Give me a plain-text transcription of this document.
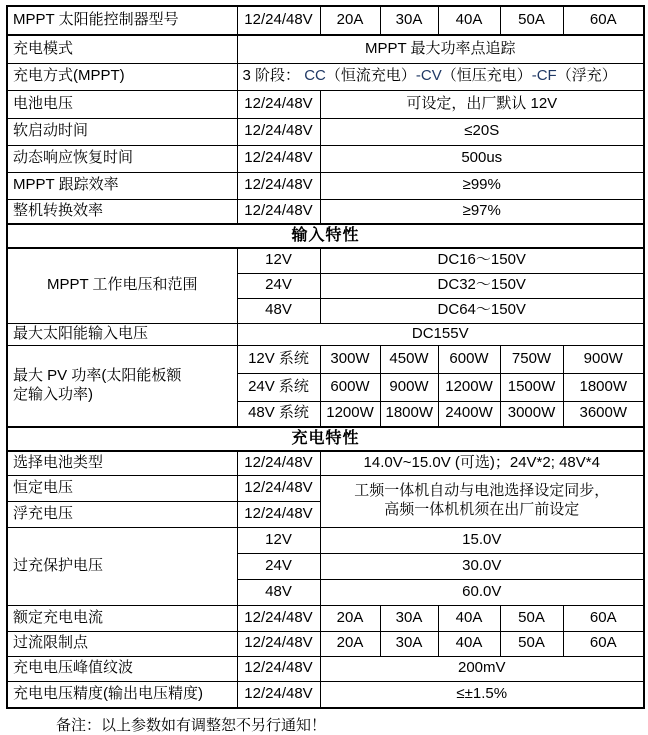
MPPT 太阳能控制器型号	12/24/48V	20A	30A	40A	50A	60A
充电模式	MPPT 最大功率点追踪					
充电方式(MPPT)	3 阶段： CC（恒流充电）-CV（恒压充电）-CF（浮充）					
电池电压	12/24/48V	可设定，出厂默认 12V				
软启动时间	12/24/48V	≤20S				
动态响应恢复时间	12/24/48V	500us				
MPPT 跟踪效率	12/24/48V	≥99%				
整机转换效率	12/24/48V	≥97%				
输入特性						
MPPT 工作电压和范围	12V	DC16～150V				
	24V	DC32～150V				
	48V	DC64～150V				
最大太阳能输入电压	DC155V					
最大 PV 功率(太阳能板额
定输入功率)	12V 系统	300W	450W	600W	750W	900W
	24V 系统	600W	900W	1200W	1500W	1800W
	48V 系统	1200W	1800W	2400W	3000W	3600W
充电特性						
选择电池类型	12/24/48V	14.0V~15.0V (可选)；24V*2; 48V*4				
恒定电压	12/24/48V	工频一体机自动与电池选择设定同步，
高频一体机机须在出厂前设定				
浮充电压	12/24/48V					
过充保护电压	12V	15.0V				
	24V	30.0V				
	48V	60.0V				
额定充电电流	12/24/48V	20A	30A	40A	50A	60A
过流限制点	12/24/48V	20A	30A	40A	50A	60A
充电电压峰值纹波	12/24/48V	200mV				
充电电压精度(输出电压精度)	12/24/48V	≤±1.5%				
备注：以上参数如有调整恕不另行通知！
